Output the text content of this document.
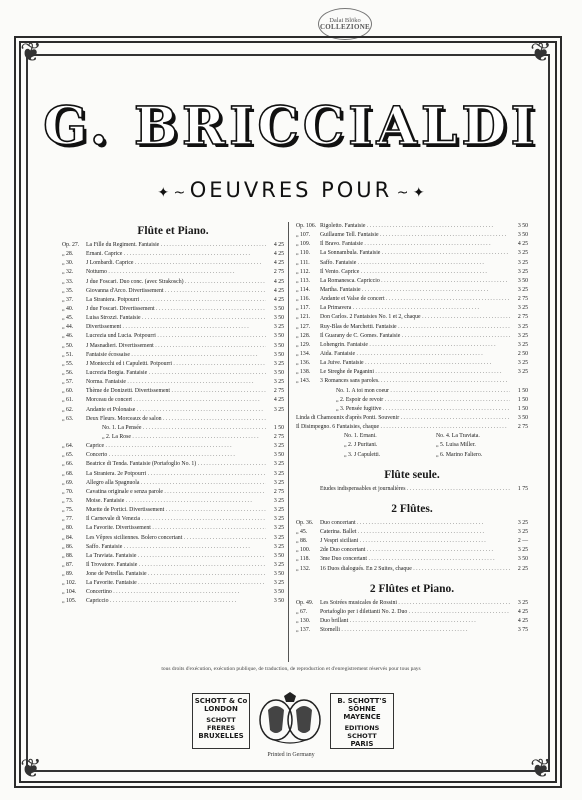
Dalai Blöko
COLLEZIONE
❦	❦
❦	❦
G. BRICCIALDI
✦ ~ OEUVRES POUR ~ ✦
Flûte et Piano.
Op. 27.	La Fille du Regiment. Fantaisie . . .	4 25
„ 28.	Ernani. Caprice . . .	4 25
„ 30.	J Lombardi. Caprice . . .	4 25
„ 32.	Notturno . . .	2 75
„ 33.	J due Foscari. Duo conc. (avec Strakosch) . . .	4 25
„ 35.	Giovanna d'Arco. Divertissement . . .	4 25
„ 37.	La Straniera. Potpourri . . .	4 25
„ 40.	J due Foscari. Divertissement . . .	3 50
„ 45.	Luisa Strozzi. Fantaisie . . .	3 50
„ 44.	Divertissement . . .	3 25
„ 46.	Lucrezia und Lucia. Potpourri . . .	3 50
„ 50.	J Masnadieri. Divertissement . . .	3 50
„ 51.	Fantaisie écossaise . . .	3 50
„ 55.	J Montecchi ed i Capuletti. Potpourri . . .	3 25
„ 56.	Lucrezia Borgia. Fantaisie . . .	3 50
„ 57.	Norma. Fantaisie . . .	3 25
„ 60.	Thème de Donizetti. Divertissement . . .	2 75
„ 61.	Morceau de concert . . .	4 25
„ 62.	Andante et Polonaise . . .	3 25
„ 63.	Deux Fleurs. Morceaux de salon . . .
No. 1. La Pensée . . .	1 50
„ 2. La Rose . . .	2 75
„ 64.	Caprice . . .	3 25
„ 65.	Concerto . . .	3 50
„ 66.	Beatrice di Tenda. Fantaisie (Portafoglio No. 1) . . .	3 25
„ 68.	La Straniera. 2e Potpourri . . .	3 25
„ 69.	Allegro alla Spagnuola . . .	3 25
„ 70.	Cavatina originale e senza parole . . .	2 75
„ 73.	Moise. Fantaisie . . .	3 25
„ 75.	Muette de Portici. Divertissement . . .	3 25
„ 77.	Il Carnevale di Venezia . . .	3 25
„ 80.	La Favorite. Divertissement . . .	3 25
„ 84.	Les Vêpres siciliennes. Bolero concertant . . .	3 25
„ 86.	Saffo. Fantaisie . . .	3 25
„ 88.	La Traviata. Fantaisie . . .	3 50
„ 87.	Il Trovatore. Fantaisie . . .	3 25
„ 89.	Jone de Petrella. Fantaisie . . .	3 50
„ 102.	La Favorite. Fantaisie . . .	3 25
„ 104.	Concertino . . .	3 50
„ 105.	Capriccio . . .	3 50
Op. 106. Rigoletto. Fantaisie . . .	3 50
„ 107.	Guillaume Tell. Fantaisie . . .	3 50
„ 109.	Il Bravo. Fantaisie . . .	4 25
„ 110.	La Sonnambula. Fantaisie . . .	3 25
„ 111.	Saffo. Fantaisie . . .	3 25
„ 112.	Il Vento. Caprice . . .	3 25
„ 113.	La Romanesca. Capriccio . . .	3 50
„ 114.	Martha. Fantaisie . . .	3 25
„ 116.	Andante et Valse de concert . . .	2 75
„ 117.	La Primavera . . .	3 25
„ 121.	Don Carlos. 2 Fantaisies No. 1 et 2, chaque . . .	2 75
„ 127.	Ruy-Blas de Marchetti. Fantaisie . . .	3 25
„ 128.	Il Guarany de C. Gomes. Fantaisie . . .	3 25
„ 129.	Lohengrin. Fantaisie . . .	3 25
„ 134.	Aida. Fantaisie . . .	2 50
„ 136.	La Juive. Fantaisie . . .	3 25
„ 138.	Le Streghe de Paganini . . .	3 25
„ 143.	3 Romances sans paroles. . . .
No. 1. A toi mon coeur . . .	1 50
„ 2. Espoir de revoir . . .	1 50
„ 3. Pensée fugitive . . .	1 50
Linda di Chamounix d'après Ponti. Souvenir . . .	3 50
Il Disimpegno. 6 Fantaisies, chaque . . .	2 75
No. 1. Ernani.	No. 4. La Traviata.
„ 2. J Puritani.	„ 5. Luisa Miller.
„ 3. J Capuletti.	„ 6. Marino Faliero.
Flûte seule.
Etudes indispensables et journalières . . .	1 75
2 Flûtes.
Op. 36.	Duo concertant . . .	3 25
„ 45.	Caterina. Ballet . . .	3 25
„ 88.	J Vespri siciliani . . .	2 —
„ 100.	2de Duo concertant . . .	3 25
„ 118.	3me Duo concertant . . .	3 50
„ 132.	16 Duos dialogués. En 2 Suites, chaque . . .	2 25
2 Flûtes et Piano.
Op. 49.	Les Soirées musicales de Rossini . . .	3 25
„ 67.	Portafoglio per i dilettanti No. 2. Duo . . .	4 25
„ 130.	Duo brillant . . .	4 25
„ 137.	Stornelli . . .	3 75
tous droits d'exécution, exécution publique, de traduction, de reproduction et d'enregistrement réservés pour tous pays
SCHOTT & Co
LONDON
SCHOTT FRERES
BRUXELLES
B. SCHOTT'S SÖHNE
MAYENCE
EDITIONS SCHOTT
PARIS
Printed in Germany
